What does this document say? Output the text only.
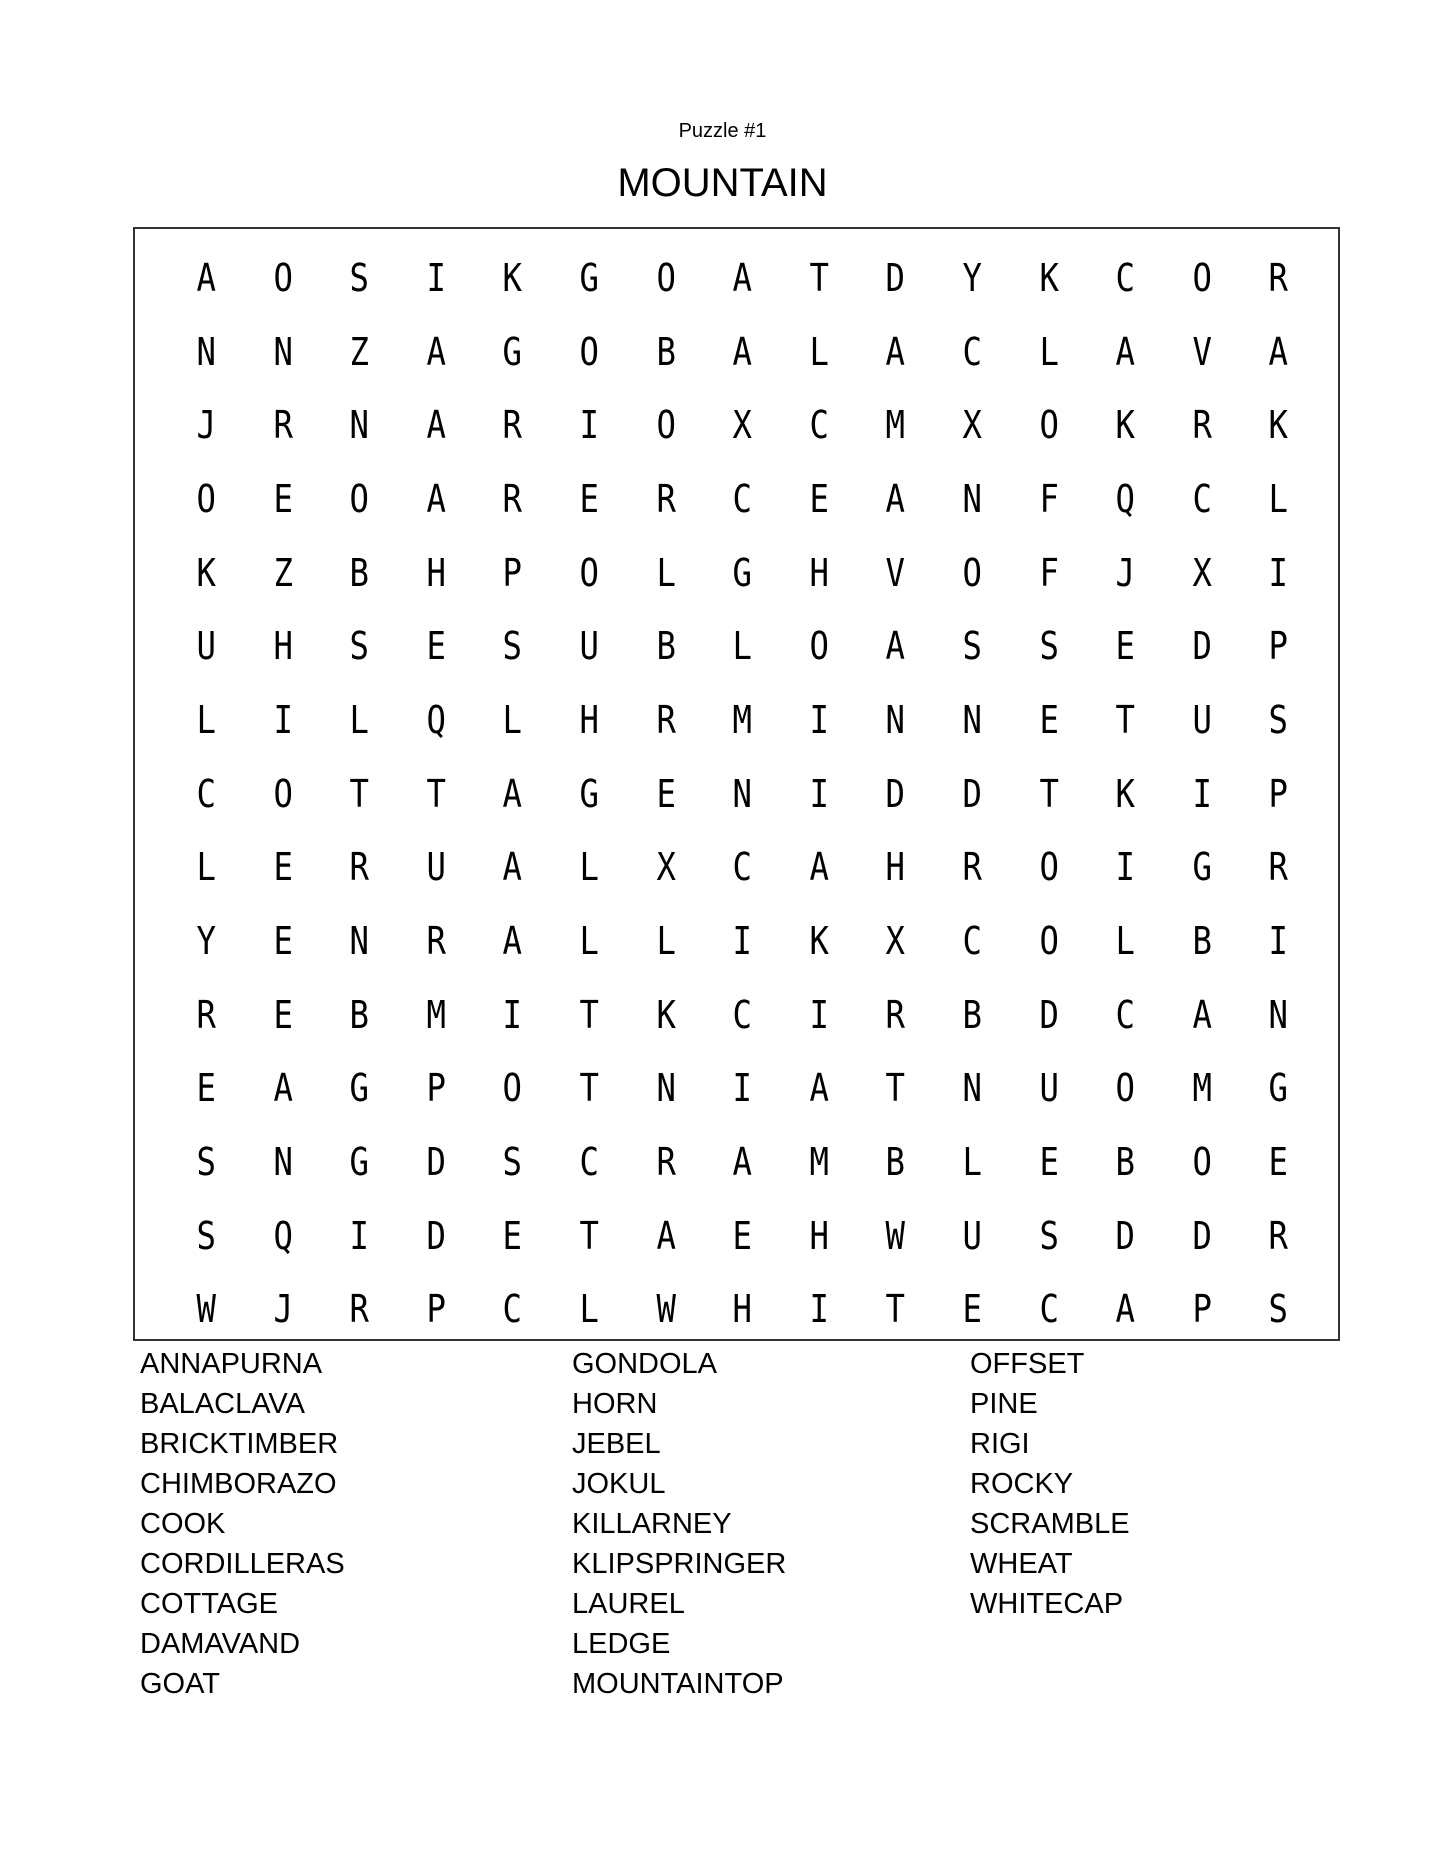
Puzzle #1
MOUNTAIN
A	O	S	I	K	G	O	A	T	D	Y	K	C	O	R
N	N	Z	A	G	O	B	A	L	A	C	L	A	V	A
J	R	N	A	R	I	O	X	C	M	X	O	K	R	K
O	E	O	A	R	E	R	C	E	A	N	F	Q	C	L
K	Z	B	H	P	O	L	G	H	V	O	F	J	X	I
U	H	S	E	S	U	B	L	O	A	S	S	E	D	P
L	I	L	Q	L	H	R	M	I	N	N	E	T	U	S
C	O	T	T	A	G	E	N	I	D	D	T	K	I	P
L	E	R	U	A	L	X	C	A	H	R	O	I	G	R
Y	E	N	R	A	L	L	I	K	X	C	O	L	B	I
R	E	B	M	I	T	K	C	I	R	B	D	C	A	N
E	A	G	P	O	T	N	I	A	T	N	U	O	M	G
S	N	G	D	S	C	R	A	M	B	L	E	B	O	E
S	Q	I	D	E	T	A	E	H	W	U	S	D	D	R
W	J	R	P	C	L	W	H	I	T	E	C	A	P	S
ANNAPURNA
BALACLAVA
BRICKTIMBER
CHIMBORAZO
COOK
CORDILLERAS
COTTAGE
DAMAVAND
GOAT
GONDOLA
HORN
JEBEL
JOKUL
KILLARNEY
KLIPSPRINGER
LAUREL
LEDGE
MOUNTAINTOP
OFFSET
PINE
RIGI
ROCKY
SCRAMBLE
WHEAT
WHITECAP
